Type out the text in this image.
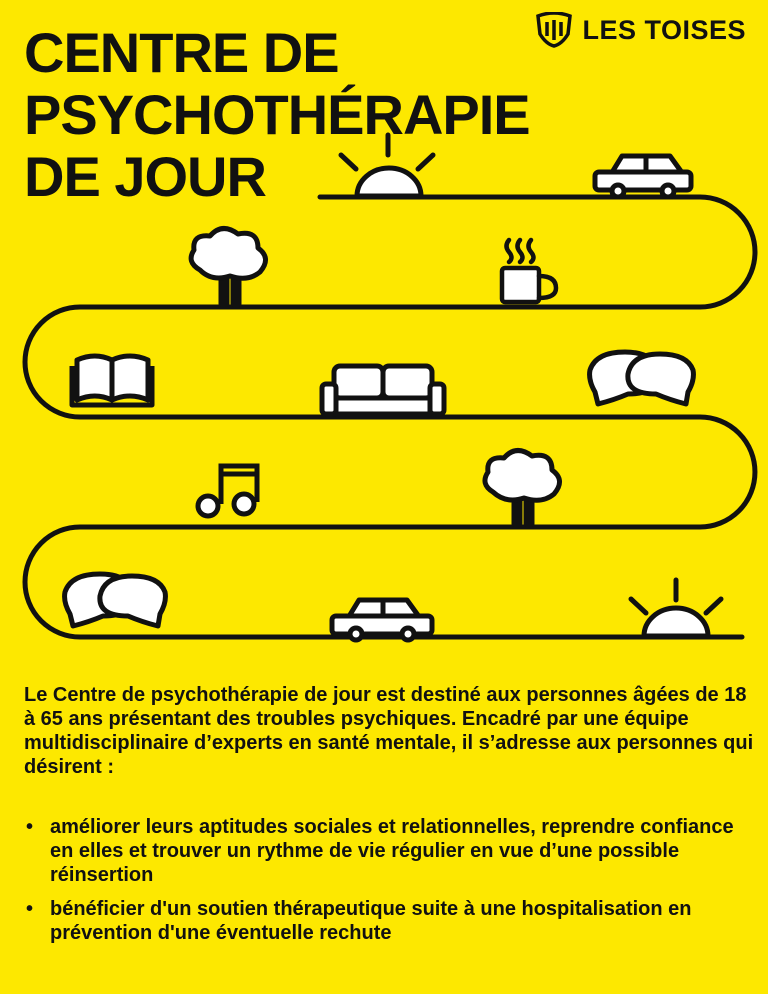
CENTRE DE
PSYCHOTHÉRAPIE
DE JOUR
LES TOISES

Le Centre de psychothérapie de jour est destiné aux personnes âgées de 18 à 65 ans présentant des troubles psychiques. Encadré par une équipe multidisciplinaire d’experts en santé mentale, il s’adresse aux personnes qui désirent :

• améliorer leurs aptitudes sociales et relationnelles, reprendre confiance en elles et trouver un rythme de vie régulier en vue d’une possible réinsertion
• bénéficier d'un soutien thérapeutique suite à une hospitalisation en prévention d'une éventuelle rechute
